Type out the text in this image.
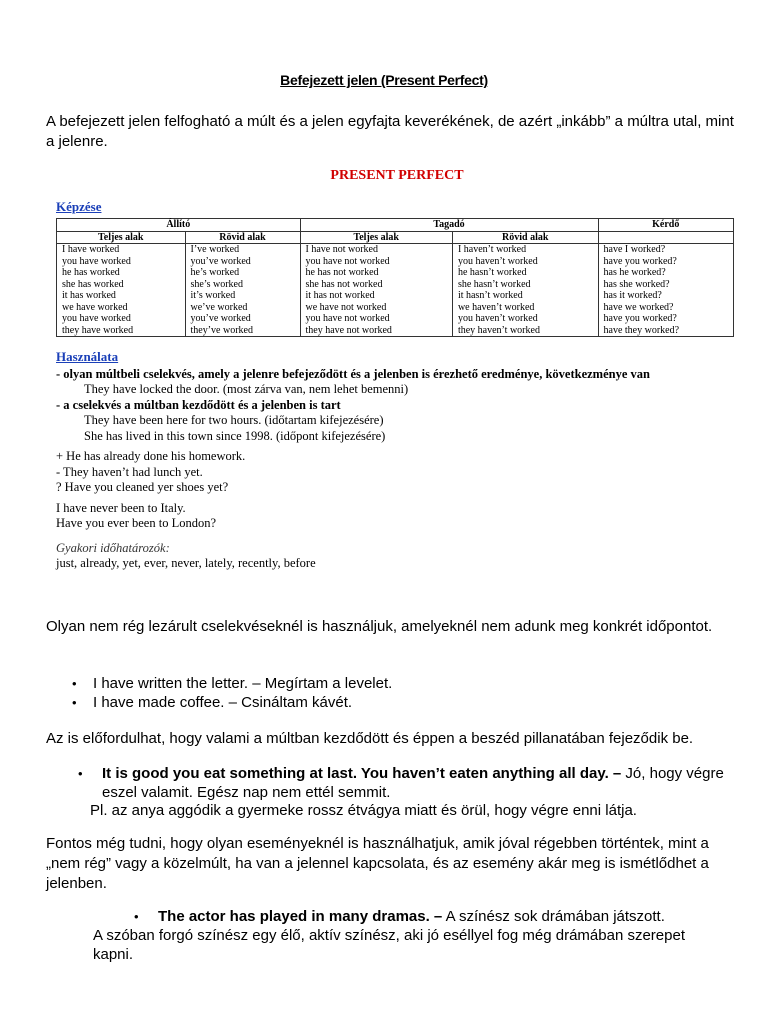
Befejezett jelen (Present Perfect)
A befejezett jelen felfogható a múlt és a jelen egyfajta keverékének, de azért „inkább” a múltra utal, mint a jelenre.
PRESENT PERFECT
Képzése
Állító		Tagadó		Kérdő
Teljes alak	Rövid alak	Teljes alak	Rövid alak	
I have worked	I’ve worked	I have not worked	I haven’t worked	have I worked?
you have worked	you’ve worked	you have not worked	you haven’t worked	have you worked?
he has worked	he’s worked	he has not worked	he hasn’t worked	has he worked?
she has worked	she’s worked	she has not worked	she hasn’t worked	has she worked?
it has worked	it’s worked	it has not worked	it hasn’t worked	has it worked?
we have worked	we’ve worked	we have not worked	we haven’t worked	have we worked?
you have worked	you’ve worked	you have not worked	you haven’t worked	have you worked?
they have worked	they’ve worked	they have not worked	they haven’t worked	have they worked?
Használata
- olyan múltbeli cselekvés, amely a jelenre befejeződött és a jelenben is érezhető eredménye, következménye van
They have locked the door. (most zárva van, nem lehet bemenni)
- a cselekvés a múltban kezdődött és a jelenben is tart
They have been here for two hours. (időtartam kifejezésére)
She has lived in this town since 1998. (időpont kifejezésére)
+ He has already done his homework.
- They haven’t had lunch yet.
? Have you cleaned yer shoes yet?
I have never been to Italy.
Have you ever been to London?
Gyakori időhatározók:
just, already, yet, ever, never, lately, recently, before
Olyan nem rég lezárult cselekvéseknél is használjuk, amelyeknél nem adunk meg konkrét időpontot.
• I have written the letter. – Megírtam a levelet.
• I have made coffee. – Csináltam kávét.
Az is előfordulhat, hogy valami a múltban kezdődött és éppen a beszéd pillanatában fejeződik be.
• It is good you eat something at last. You haven’t eaten anything all day. – Jó, hogy végre eszel valamit. Egész nap nem ettél semmit.
Pl. az anya aggódik a gyermeke rossz étvágya miatt és örül, hogy végre enni látja.
Fontos még tudni, hogy olyan eseményeknél is használhatjuk, amik jóval régebben történtek, mint a „nem rég” vagy a közelmúlt, ha van a jelennel kapcsolata, és az esemény akár meg is ismétlődhet a jelenben.
• The actor has played in many dramas. – A színész sok drámában játszott.
A szóban forgó színész egy élő, aktív színész, aki jó eséllyel fog még drámában szerepet kapni.
